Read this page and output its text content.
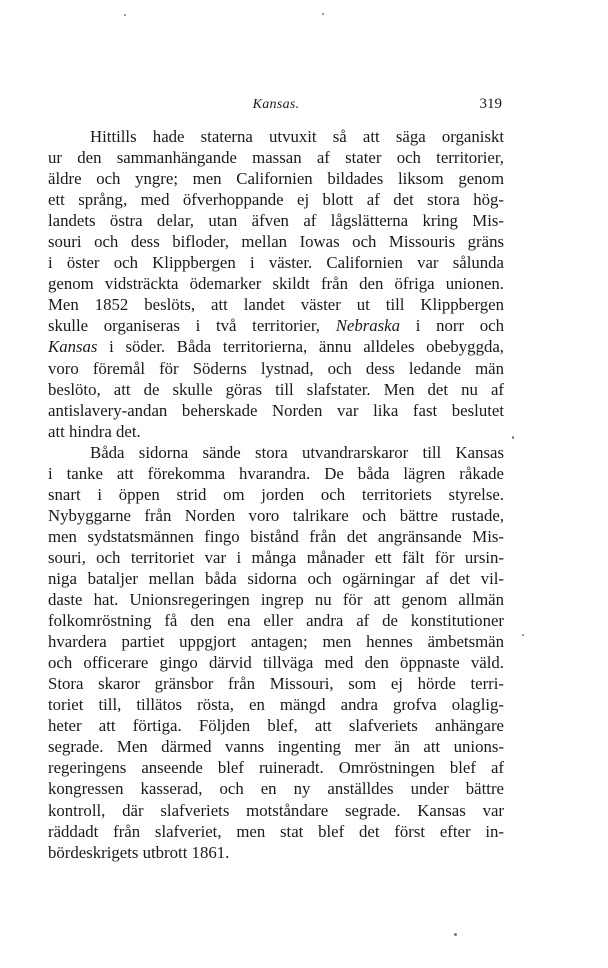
Kansas.	319
Hittills hade staterna utvuxit så att säga organiskt
ur den sammanhängande massan af stater och territorier,
äldre och yngre; men Californien bildades liksom genom
ett språng, med öfverhoppande ej blott af det stora hög-
landets östra delar, utan äfven af lågslätterna kring Mis-
souri och dess bifloder, mellan Iowas och Missouris gräns
i öster och Klippbergen i väster. Californien var sålunda
genom vidsträckta ödemarker skildt från den öfriga unionen.
Men 1852 beslöts, att landet väster ut till Klippbergen
skulle organiseras i två territorier, Nebraska i norr och
Kansas i söder. Båda territorierna, ännu alldeles obebyggda,
voro föremål för Söderns lystnad, och dess ledande män
beslöto, att de skulle göras till slafstater. Men det nu af
antislavery-andan beherskade Norden var lika fast beslutet
att hindra det.
Båda sidorna sände stora utvandrarskaror till Kansas
i tanke att förekomma hvarandra. De båda lägren råkade
snart i öppen strid om jorden och territoriets styrelse.
Nybyggarne från Norden voro talrikare och bättre rustade,
men sydstatsmännen fingo bistånd från det angränsande Mis-
souri, och territoriet var i många månader ett fält för ursin-
niga bataljer mellan båda sidorna och ogärningar af det vil-
daste hat. Unionsregeringen ingrep nu för att genom allmän
folkomröstning få den ena eller andra af de konstitutioner
hvardera partiet uppgjort antagen; men hennes ämbetsmän
och officerare gingo därvid tillväga med den öppnaste väld.
Stora skaror gränsbor från Missouri, som ej hörde terri-
toriet till, tillätos rösta, en mängd andra grofva olaglig-
heter att förtiga. Följden blef, att slafveriets anhängare
segrade. Men därmed vanns ingenting mer än att unions-
regeringens anseende blef ruineradt. Omröstningen blef af
kongressen kasserad, och en ny anställdes under bättre
kontroll, där slafveriets motståndare segrade. Kansas var
räddadt från slafveriet, men stat blef det först efter in-
bördeskrigets utbrott 1861.
